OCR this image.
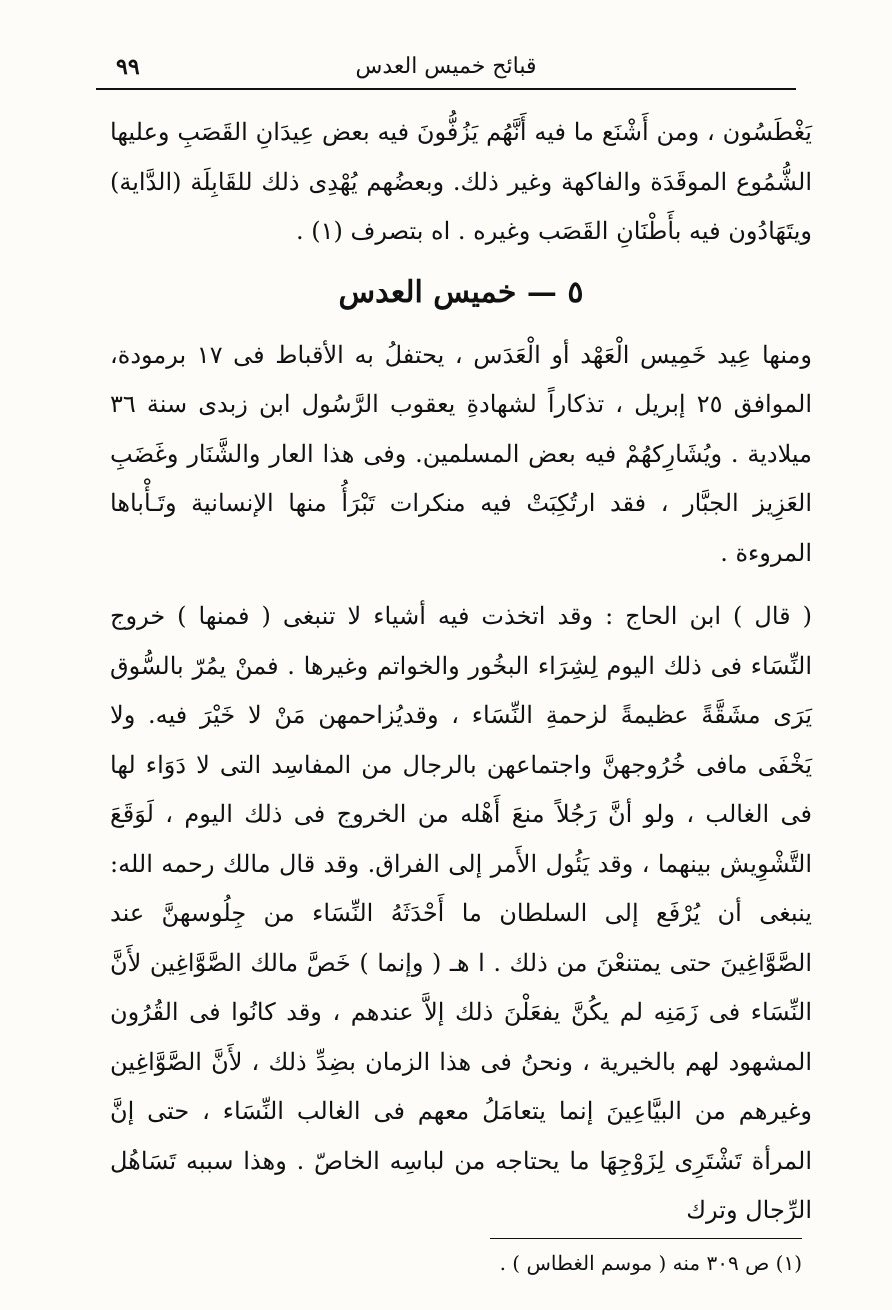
٩٩	قبائح خميس العدس

يَغْطَسُون ، ومن أَشْنَع ما فيه أَنَّهُم يَزُفُّونَ فيه بعض عِيدَانِ القَصَبِ وعليها الشُّمُوع الموقَدَة والفاكهة وغير ذلك. وبعضُهم يُهْدِى ذلك للقَابِلَة (الدَّاية) ويتَهَادُون فيه بأَطْنَانِ القَصَب وغيره . اه بتصرف (١) .

٥ — خميس العدس

ومنها عِيد خَمِيس الْعَهْد أو الْعَدَس ، يحتفلُ به الأقباط فى ١٧ برمودة، الموافق ٢٥ إبريل ، تذكاراً لشهادةِ يعقوب الرَّسُول ابن زبدى سنة ٣٦ ميلادية . ويُشَارِكهُمْ فيه بعض المسلمين. وفى هذا العار والشَّنَار وغَضَبِ العَزِيز الجبَّار ، فقد ارتُكِبَتْ فيه منكرات تَبْرَأُ منها الإنسانية وتَـأْباها المروءة .

( قال ) ابن الحاج : وقد اتخذت فيه أشياء لا تنبغى ( فمنها ) خروج النِّسَاء فى ذلك اليوم لِشِرَاء البخُور والخواتم وغيرها . فمنْ يمُرّ بالسُّوق يَرَى مشَقَّةً عظيمةً لزحمةِ النِّسَاء ، وقديُزاحمهن مَنْ لا خَيْرَ فيه. ولا يَخْفَى مافى خُرُوجهنَّ واجتماعهن بالرجال من المفاسِد التى لا دَوَاء لها فى الغالب ، ولو أنَّ رَجُلاً منعَ أَهْله من الخروج فى ذلك اليوم ، لَوَقَعَ التَّشْوِيش بينهما ، وقد يَئُول الأَمر إلى الفراق. وقد قال مالك رحمه الله: ينبغى أن يُرْفَع إلى السلطان ما أَحْدَثَهُ النِّسَاء من جِلُوسهنَّ عند الصَّوَّاغِينَ حتى يمتنعْنَ من ذلك . ا هـ ( وإنما ) خَصَّ مالك الصَّوَّاغِين لأَنَّ النِّسَاء فى زَمَنِه لم يكُنَّ يفعَلْنَ ذلك إلاَّ عندهم ، وقد كانُوا فى القُرُون المشهود لهم بالخيرية ، ونحنُ فى هذا الزمان بضِدِّ ذلك ، لأَنَّ الصَّوَّاغِين وغيرهم من البيَّاعِينَ إنما يتعامَلُ معهم فى الغالب النِّسَاء ، حتى إنَّ المرأة تَشْتَرِى لِزَوْجِهَا ما يحتاجه من لباسِه الخاصّ . وهذا سببه تَسَاهُل الرِّجال وترك

(١) ص ٣٠٩ منه ( موسم الغطاس ) .
